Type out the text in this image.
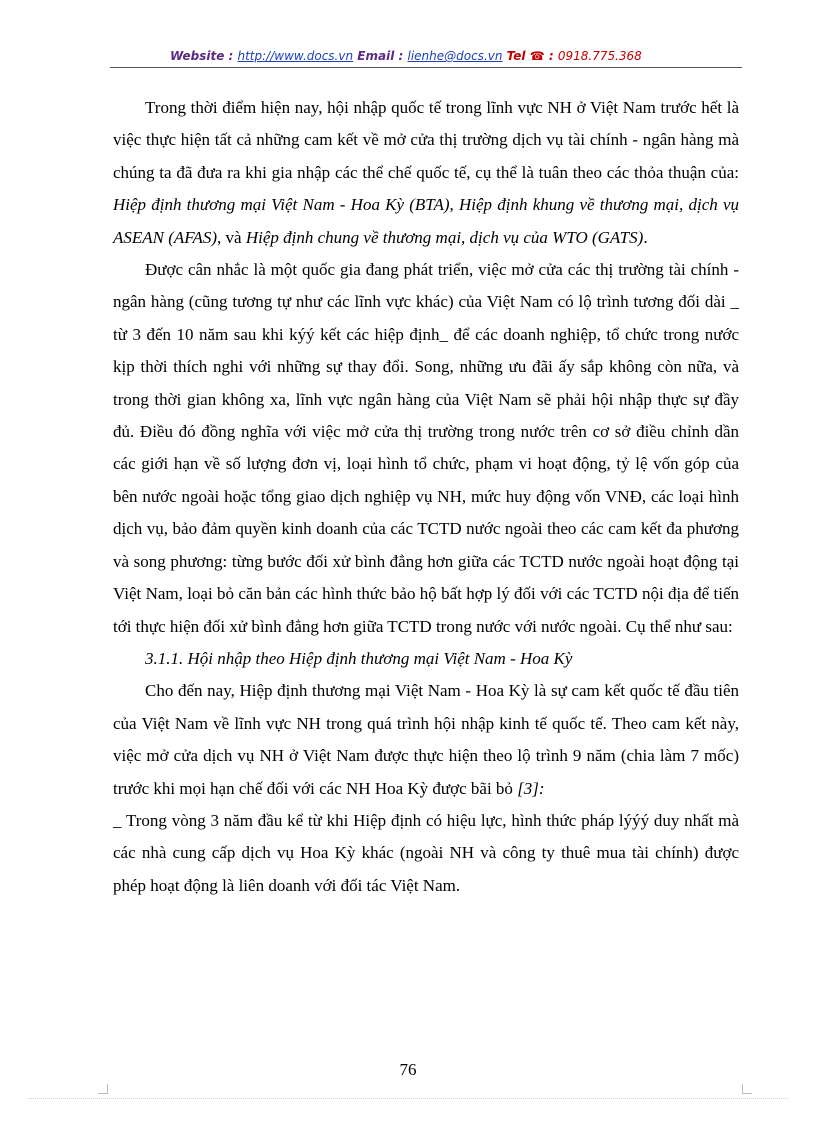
Website : http://www.docs.vn Email : lienhe@docs.vn Tel ☎ : 0918.775.368

Trong thời điểm hiện nay, hội nhập quốc tế trong lĩnh vực NH ở Việt Nam trước hết là việc thực hiện tất cả những cam kết về mở cửa thị trường dịch vụ tài chính - ngân hàng mà chúng ta đã đưa ra khi gia nhập các thể chế quốc tế, cụ thể là tuân theo các thỏa thuận của: Hiệp định thương mại Việt Nam - Hoa Kỳ (BTA), Hiệp định khung về thương mại, dịch vụ ASEAN (AFAS), và Hiệp định chung về thương mại, dịch vụ của WTO (GATS).

Được cân nhắc là một quốc gia đang phát triển, việc mở cửa các thị trường tài chính - ngân hàng (cũng tương tự như các lĩnh vực khác) của Việt Nam có lộ trình tương đối dài _ từ 3 đến 10 năm sau khi kýý kết các hiệp định_ để các doanh nghiệp, tổ chức trong nước kịp thời thích nghi với những sự thay đổi. Song, những ưu đãi ấy sắp không còn nữa, và trong thời gian không xa, lĩnh vực ngân hàng của Việt Nam sẽ phải hội nhập thực sự đầy đủ. Điều đó đồng nghĩa với việc mở cửa thị trường trong nước trên cơ sở điều chỉnh dần các giới hạn về số lượng đơn vị, loại hình tổ chức, phạm vi hoạt động, tỷ lệ vốn góp của bên nước ngoài hoặc tổng giao dịch nghiệp vụ NH, mức huy động vốn VNĐ, các loại hình dịch vụ, bảo đảm quyền kinh doanh của các TCTD nước ngoài theo các cam kết đa phương và song phương: từng bước đối xử bình đẳng hơn giữa các TCTD nước ngoài hoạt động tại Việt Nam, loại bỏ căn bản các hình thức bảo hộ bất hợp lý đối với các TCTD nội địa để tiến tới thực hiện đối xử bình đẳng hơn giữa TCTD trong nước với nước ngoài. Cụ thể như sau:

3.1.1. Hội nhập theo Hiệp định thương mại Việt Nam - Hoa Kỳ

Cho đến nay, Hiệp định thương mại Việt Nam - Hoa Kỳ là sự cam kết quốc tế đầu tiên của Việt Nam về lĩnh vực NH trong quá trình hội nhập kinh tế quốc tế. Theo cam kết này, việc mở cửa dịch vụ NH ở Việt Nam được thực hiện theo lộ trình 9 năm (chia làm 7 mốc) trước khi mọi hạn chế đối với các NH Hoa Kỳ được bãi bỏ [3]:

_ Trong vòng 3 năm đầu kể từ khi Hiệp định có hiệu lực, hình thức pháp lýýý duy nhất mà các nhà cung cấp dịch vụ Hoa Kỳ khác (ngoài NH và công ty thuê mua tài chính) được phép hoạt động là liên doanh với đối tác Việt Nam.

76
